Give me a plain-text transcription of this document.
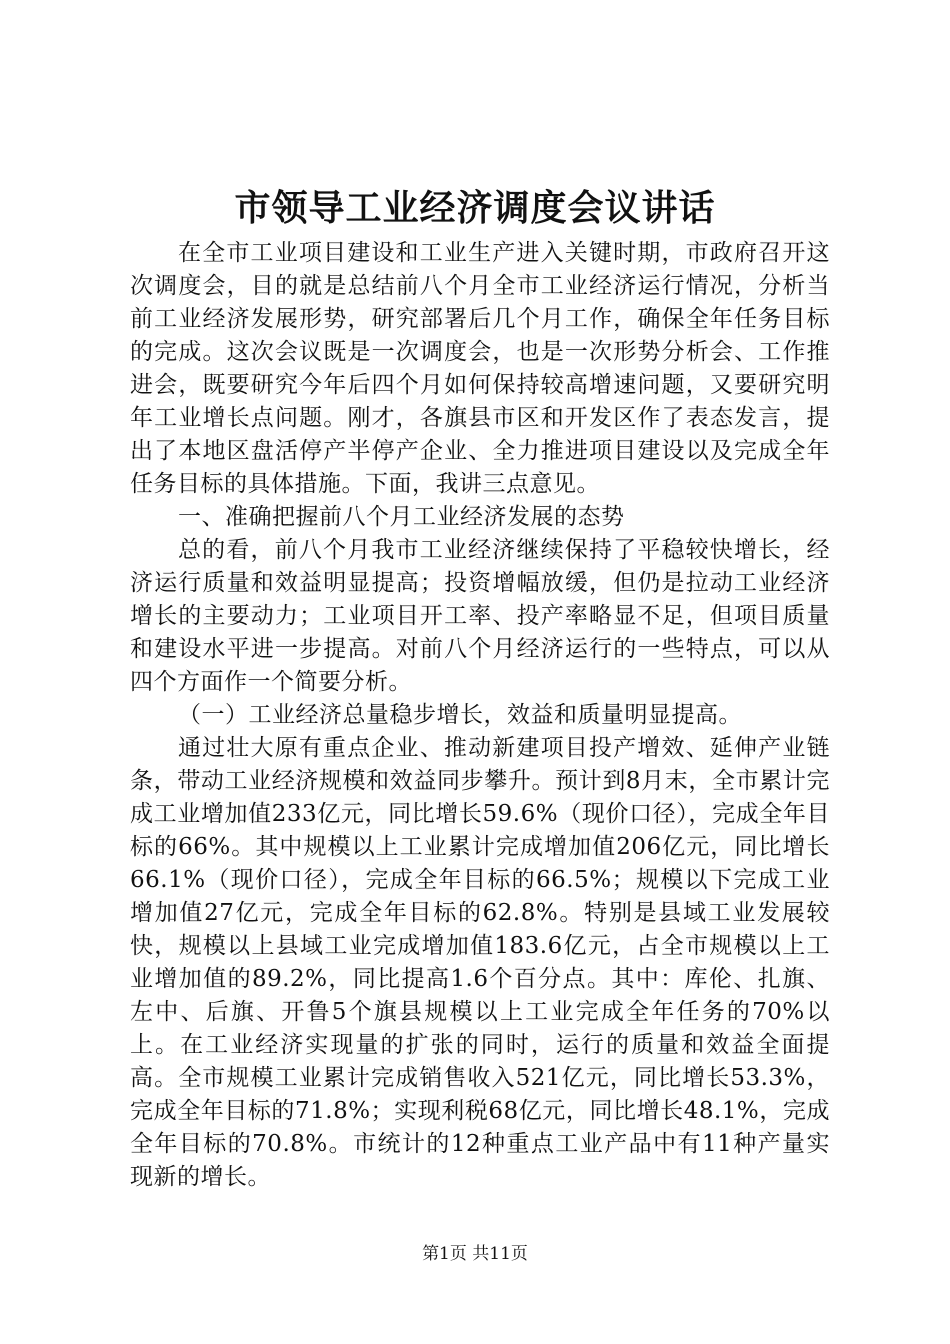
市领导工业经济调度会议讲话

在全市工业项目建设和工业生产进入关键时期，市政府召开这次调度会，目的就是总结前八个月全市工业经济运行情况，分析当前工业经济发展形势，研究部署后几个月工作，确保全年任务目标的完成。这次会议既是一次调度会，也是一次形势分析会、工作推进会，既要研究今年后四个月如何保持较高增速问题，又要研究明年工业增长点问题。刚才，各旗县市区和开发区作了表态发言，提出了本地区盘活停产半停产企业、全力推进项目建设以及完成全年任务目标的具体措施。下面，我讲三点意见。

一、准确把握前八个月工业经济发展的态势

总的看，前八个月我市工业经济继续保持了平稳较快增长，经济运行质量和效益明显提高；投资增幅放缓，但仍是拉动工业经济增长的主要动力；工业项目开工率、投产率略显不足，但项目质量和建设水平进一步提高。对前八个月经济运行的一些特点，可以从四个方面作一个简要分析。

（一）工业经济总量稳步增长，效益和质量明显提高。

通过壮大原有重点企业、推动新建项目投产增效、延伸产业链条，带动工业经济规模和效益同步攀升。预计到8月末，全市累计完成工业增加值233亿元，同比增长59.6%（现价口径），完成全年目标的66%。其中规模以上工业累计完成增加值206亿元，同比增长66.1%（现价口径），完成全年目标的66.5%；规模以下完成工业增加值27亿元，完成全年目标的62.8%。特别是县域工业发展较快，规模以上县域工业完成增加值183.6亿元，占全市规模以上工业增加值的89.2%，同比提高1.6个百分点。其中：库伦、扎旗、左中、后旗、开鲁5个旗县规模以上工业完成全年任务的70%以上。在工业经济实现量的扩张的同时，运行的质量和效益全面提高。全市规模工业累计完成销售收入521亿元，同比增长53.3%，完成全年目标的71.8%；实现利税68亿元，同比增长48.1%，完成全年目标的70.8%。市统计的12种重点工业产品中有11种产量实现新的增长。

第1页 共11页
